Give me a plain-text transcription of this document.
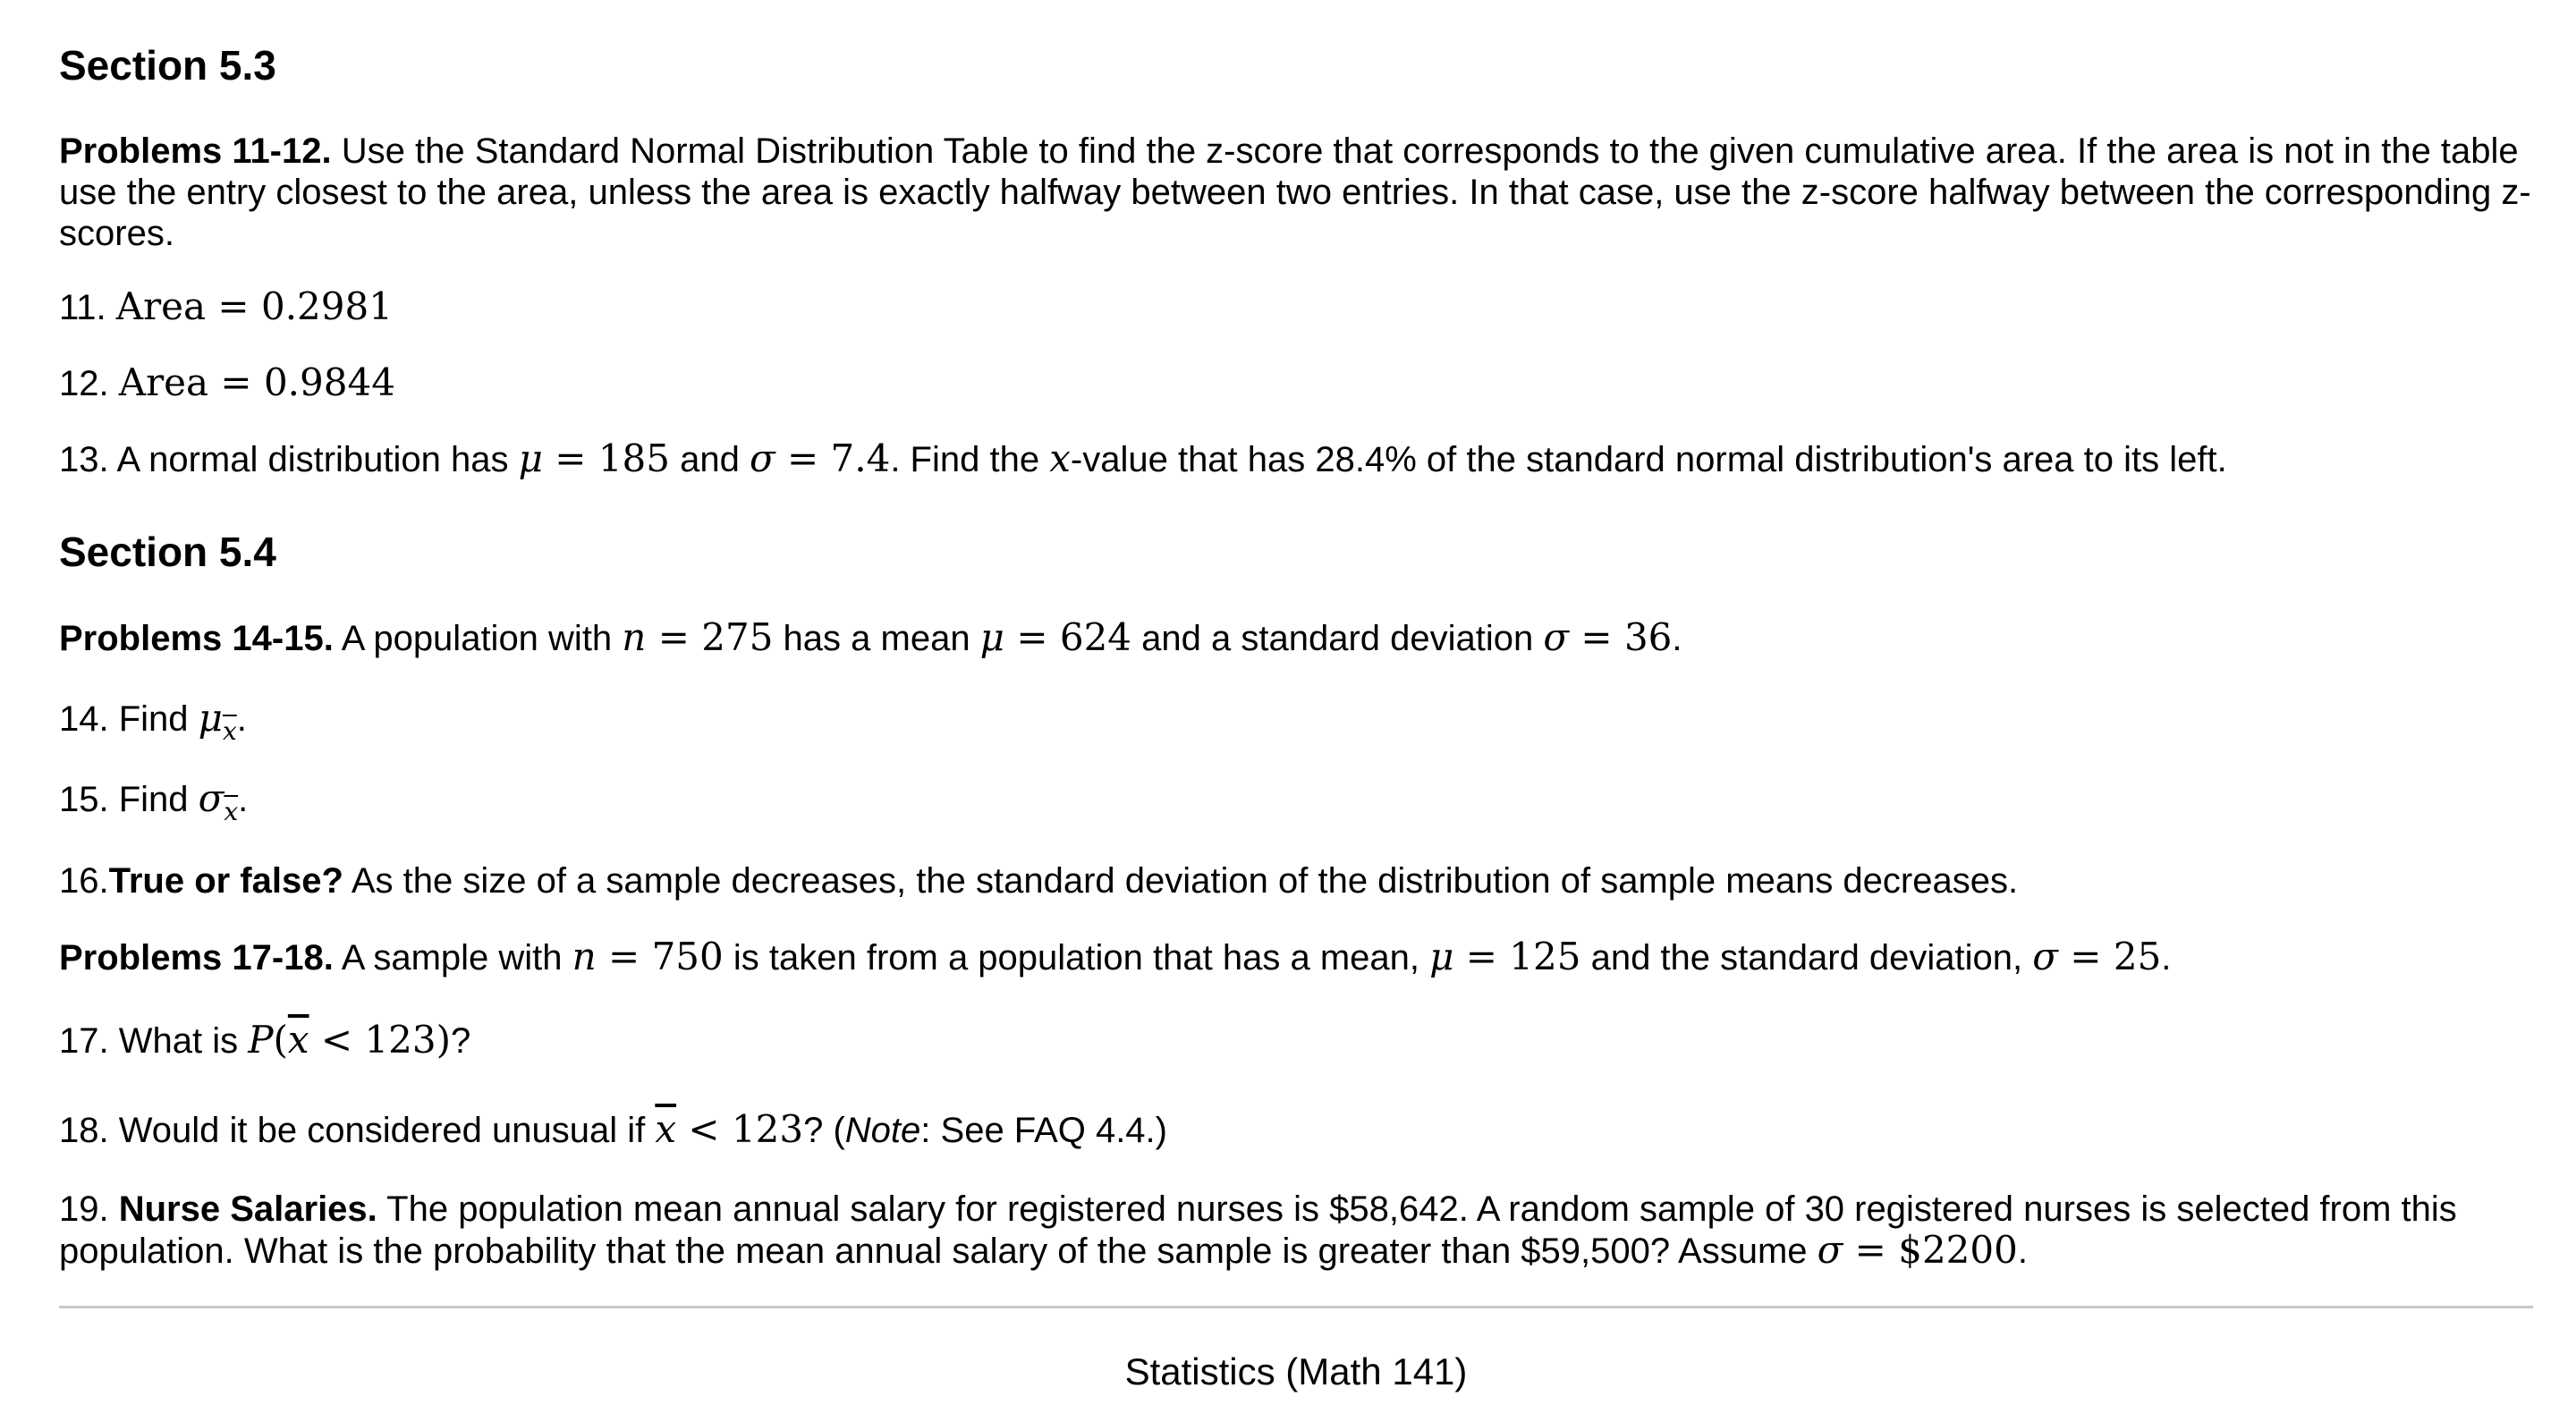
Section 5.3

Problems 11-12. Use the Standard Normal Distribution Table to find the z-score that corresponds to the given cumulative area. If the area is not in the table use the entry closest to the area, unless the area is exactly halfway between two entries. In that case, use the z-score halfway between the corresponding z-scores.

11. Area = 0.2981

12. Area = 0.9844

13. A normal distribution has μ = 185 and σ = 7.4. Find the x-value that has 28.4% of the standard normal distribution's area to its left.

Section 5.4

Problems 14-15. A population with n = 275 has a mean μ = 624 and a standard deviation σ = 36.

14. Find $\mu_{\overline{x}}$.

15. Find $\sigma_{\overline{x}}$.

16.True or false? As the size of a sample decreases, the standard deviation of the distribution of sample means decreases.

Problems 17-18. A sample with n = 750 is taken from a population that has a mean, μ = 125 and the standard deviation, σ = 25.

17. What is $P(\overline{x} < 123)$?

18. Would it be considered unusual if $\overline{x} < 123$? (Note: See FAQ 4.4.)

19. Nurse Salaries. The population mean annual salary for registered nurses is $58,642. A random sample of 30 registered nurses is selected from this population. What is the probability that the mean annual salary of the sample is greater than $59,500? Assume σ = $2200.

Statistics (Math 141)
